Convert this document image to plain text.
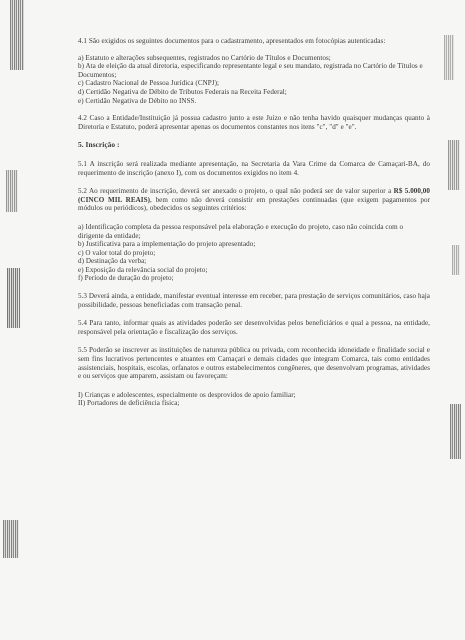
4.1 São exigidos os seguintes documentos para o cadastramento, apresentados em fotocópias autenticadas:

a) Estatuto e alterações subsequentes, registrados no Cartório de Títulos e Documentos;
b) Ata de eleição da atual diretoria, especificando representante legal e seu mandato, registrada no Cartório de Títulos e Documentos;
c) Cadastro Nacional de Pessoa Jurídica (CNPJ);
d) Certidão Negativa de Débito de Tributos Federais na Receita Federal;
e) Certidão Negativa de Débito no INSS.

4.2 Caso a Entidade/Instituição já possua cadastro junto a este Juízo e não tenha havido quaisquer mudanças quanto à Diretoria e Estatuto, poderá apresentar apenas os documentos constantes nos itens "c", "d" e "e".

5. Inscrição :

5.1 A inscrição será realizada mediante apresentação, na Secretaria da Vara Crime da Comarca de Camaçari-BA, do requerimento de inscrição (anexo I), com os documentos exigidos no item 4.

5.2 Ao requerimento de inscrição, deverá ser anexado o projeto, o qual não poderá ser de valor superior a R$ 5.000,00 (CINCO MIL REAIS), bem como não deverá consistir em prestações continuadas (que exigem pagamentos por módulos ou periódicos), obedecidos os seguintes critérios:

a) Identificação completa da pessoa responsável pela elaboração e execução do projeto, caso não coincida com o dirigente da entidade;
b) Justificativa para a implementação do projeto apresentado;
c) O valor total do projeto;
d) Destinação da verba;
e) Exposição da relevância social do projeto;
f) Período de duração do projeto;

5.3 Deverá ainda, a entidade, manifestar eventual interesse em receber, para prestação de serviços comunitários, caso haja possibilidade, pessoas beneficiadas com transação penal.

5.4 Para tanto, informar quais as atividades poderão ser desenvolvidas pelos beneficiários e qual a pessoa, na entidade, responsável pela orientação e fiscalização dos serviços.

5.5 Poderão se inscrever as instituições de natureza pública ou privada, com reconhecida idoneidade e finalidade social e sem fins lucrativos pertencentes e atuantes em Camaçari e demais cidades que integram Comarca, tais como entidades assistenciais, hospitais, escolas, orfanatos e outros estabelecimentos congêneres, que desenvolvam programas, atividades e ou serviços que amparem, assistam ou favoreçam:

I) Crianças e adolescentes, especialmente os desprovidos de apoio familiar;
II) Portadores de deficiência física;
